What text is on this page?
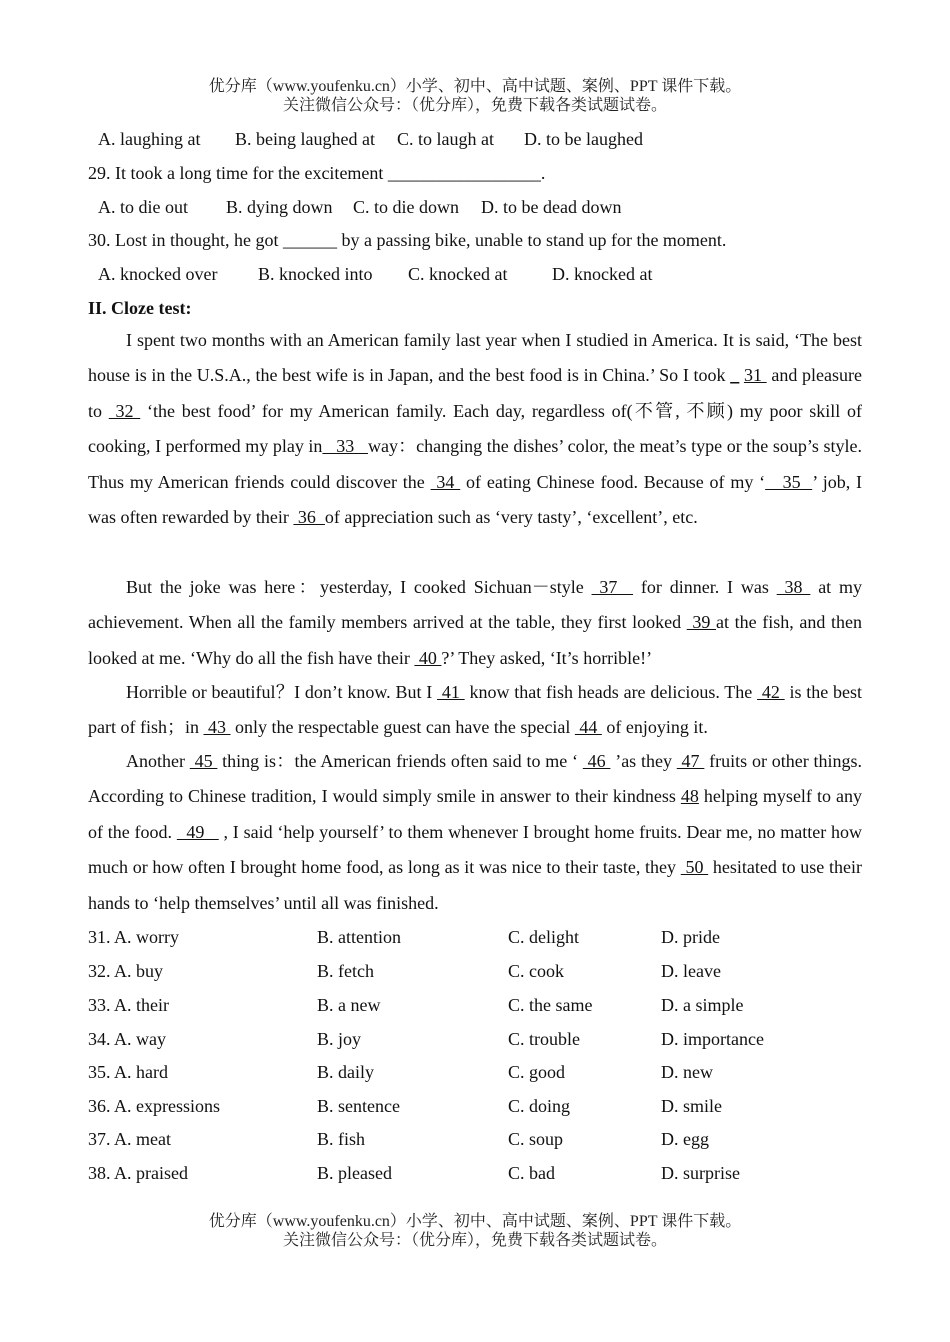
优分库（www.youfenku.cn）小学、初中、高中试题、案例、PPT 课件下载。
关注微信公众号：（优分库），免费下载各类试题试卷。
A. laughing at B. being laughed at C. to laugh at D. to be laughed
29. It took a long time for the excitement _________________.
A. to die out B. dying down C. to die down D. to be dead down
30. Lost in thought, he got ______ by a passing bike, unable to stand up for the moment.
A. knocked over B. knocked into C. knocked at D. knocked at
II. Cloze test:

I spent two months with an American family last year when I studied in America. It is said, ‘The best house is in the U.S.A., the best wife is in Japan, and the best food is in China.’ So I took _ 31  and pleasure to  32  ‘the best food’ for my American family. Each day, regardless of(不管, 不顾) my poor skill of cooking, I performed my play in   33   way：changing the dishes’ color, the meat’s type or the soup’s style. Thus my American friends could discover the  34  of eating Chinese food. Because of my ‘   35  ’ job, I was often rewarded by their  36  of appreciation such as ‘very tasty’, ‘excellent’, etc.

But the joke was here：yesterday, I cooked Sichuan－style  37   for dinner. I was  38  at my achievement. When all the family members arrived at the table, they first looked  39 at the fish, and then looked at me. ‘Why do all the fish have their  40 ?’ They asked, ‘It’s horrible!’

Horrible or beautiful？I don’t know. But I  41  know that fish heads are delicious. The  42  is the best part of fish；in  43  only the respectable guest can have the special  44  of enjoying it.

Another  45  thing is：the American friends often said to me ‘  46  ’as they  47  fruits or other things. According to Chinese tradition, I would simply smile in answer to their kindness 48 helping myself to any of the food.   49    , I said ‘help yourself’ to them whenever I brought home fruits. Dear me, no matter how much or how often I brought home food, as long as it was nice to their taste, they  50  hesitated to use their hands to ‘help themselves’ until all was finished.

31. A. worry	B. attention	C. delight	D. pride
32. A. buy	B. fetch	C. cook	D. leave
33. A. their	B. a new	C. the same	D. a simple
34. A. way	B. joy	C. trouble	D. importance
35. A. hard	B. daily	C. good	D. new
36. A. expressions	B. sentence	C. doing	D. smile
37. A. meat	B. fish	C. soup	D. egg
38. A. praised	B. pleased	C. bad	D. surprise
优分库（www.youfenku.cn）小学、初中、高中试题、案例、PPT 课件下载。
关注微信公众号：（优分库），免费下载各类试题试卷。
